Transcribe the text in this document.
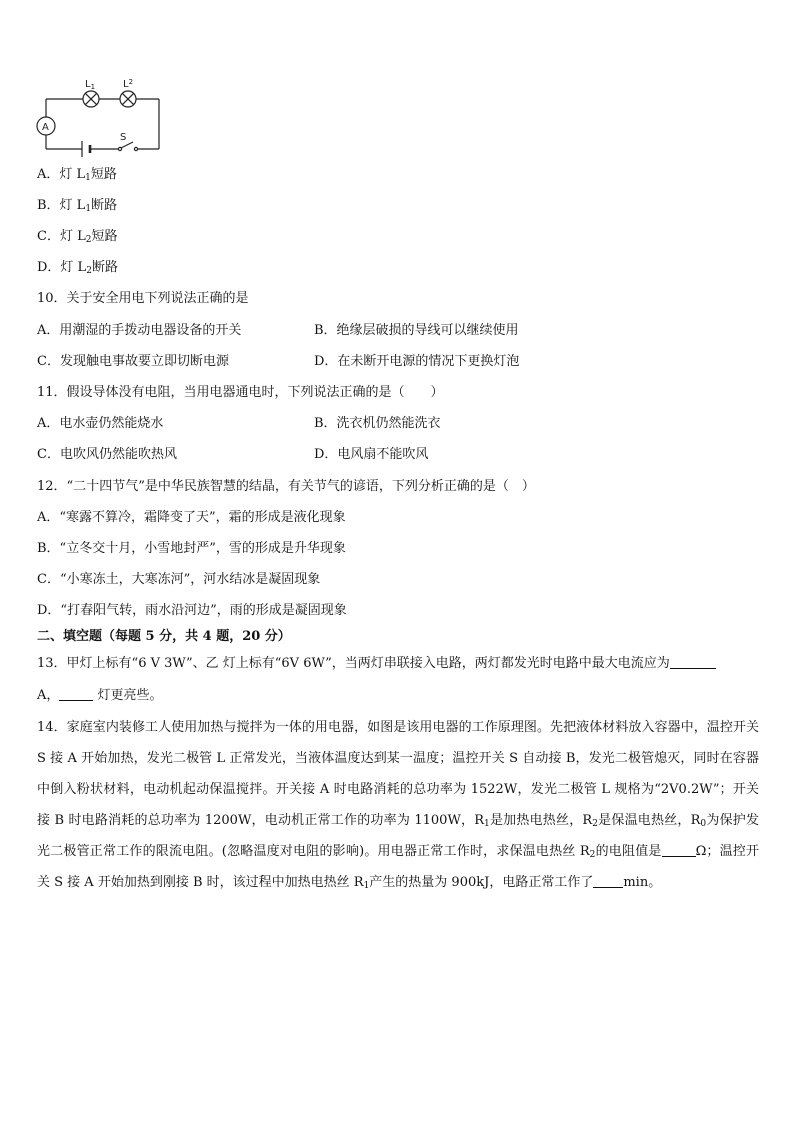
A
$L_1$	$L^2$
S
A．灯 $L_1$短路
B．灯 $L_1$断路
C．灯 $L_2$短路
D．灯 $L_2$断路
10．关于安全用电下列说法正确的是
A．用潮湿的手拨动电器设备的开关	B．绝缘层破损的导线可以继续使用
C．发现触电事故要立即切断电源	D．在未断开电源的情况下更换灯泡
11．假设导体没有电阻，当用电器通电时，下列说法正确的是（　　）
A．电水壶仍然能烧水	B．洗衣机仍然能洗衣
C．电吹风仍然能吹热风	D．电风扇不能吹风
12．“二十四节气”是中华民族智慧的结晶，有关节气的谚语，下列分析正确的是（　）
A．“寒露不算冷，霜降变了天”，霜的形成是液化现象
B．“立冬交十月，小雪地封严”，雪的形成是升华现象
C．“小寒冻土，大寒冻河”，河水结冰是凝固现象
D．“打春阳气转，雨水沿河边”，雨的形成是凝固现象
二、填空题（每题 5 分，共 4 题，20 分）
13．甲灯上标有“6 V 3W”、乙 灯上标有“6V 6W”，当两灯串联接入电路，两灯都发光时电路中最大电流应为
A，	灯更亮些。
14．家庭室内装修工人使用加热与搅拌为一体的用电器，如图是该用电器的工作原理图。先把液体材料放入容器中，温控开关 S 接 A 开始加热，发光二极管 L 正常发光，当液体温度达到某一温度；温控开关 S 自动接 B，发光二极管熄灭，同时在容器中倒入粉状材料，电动机起动保温搅拌。开关接 A 时电路消耗的总功率为 1522W，发光二极管 L 规格为“2V0.2W”；开关接 B 时电路消耗的总功率为 1200W，电动机正常工作的功率为 1100W，$R_1$是加热电热丝，$R_2$是保温电热丝，$R_0$为保护发光二极管正常工作的限流电阻。(忽略温度对电阻的影响)。用电器正常工作时，求保温电热丝 $R_2$的电阻值是	Ω；温控开关 S 接 A 开始加热到刚接 B 时，该过程中加热电热丝 $R_1$产生的热量为 900kJ，电路正常工作了 min。
